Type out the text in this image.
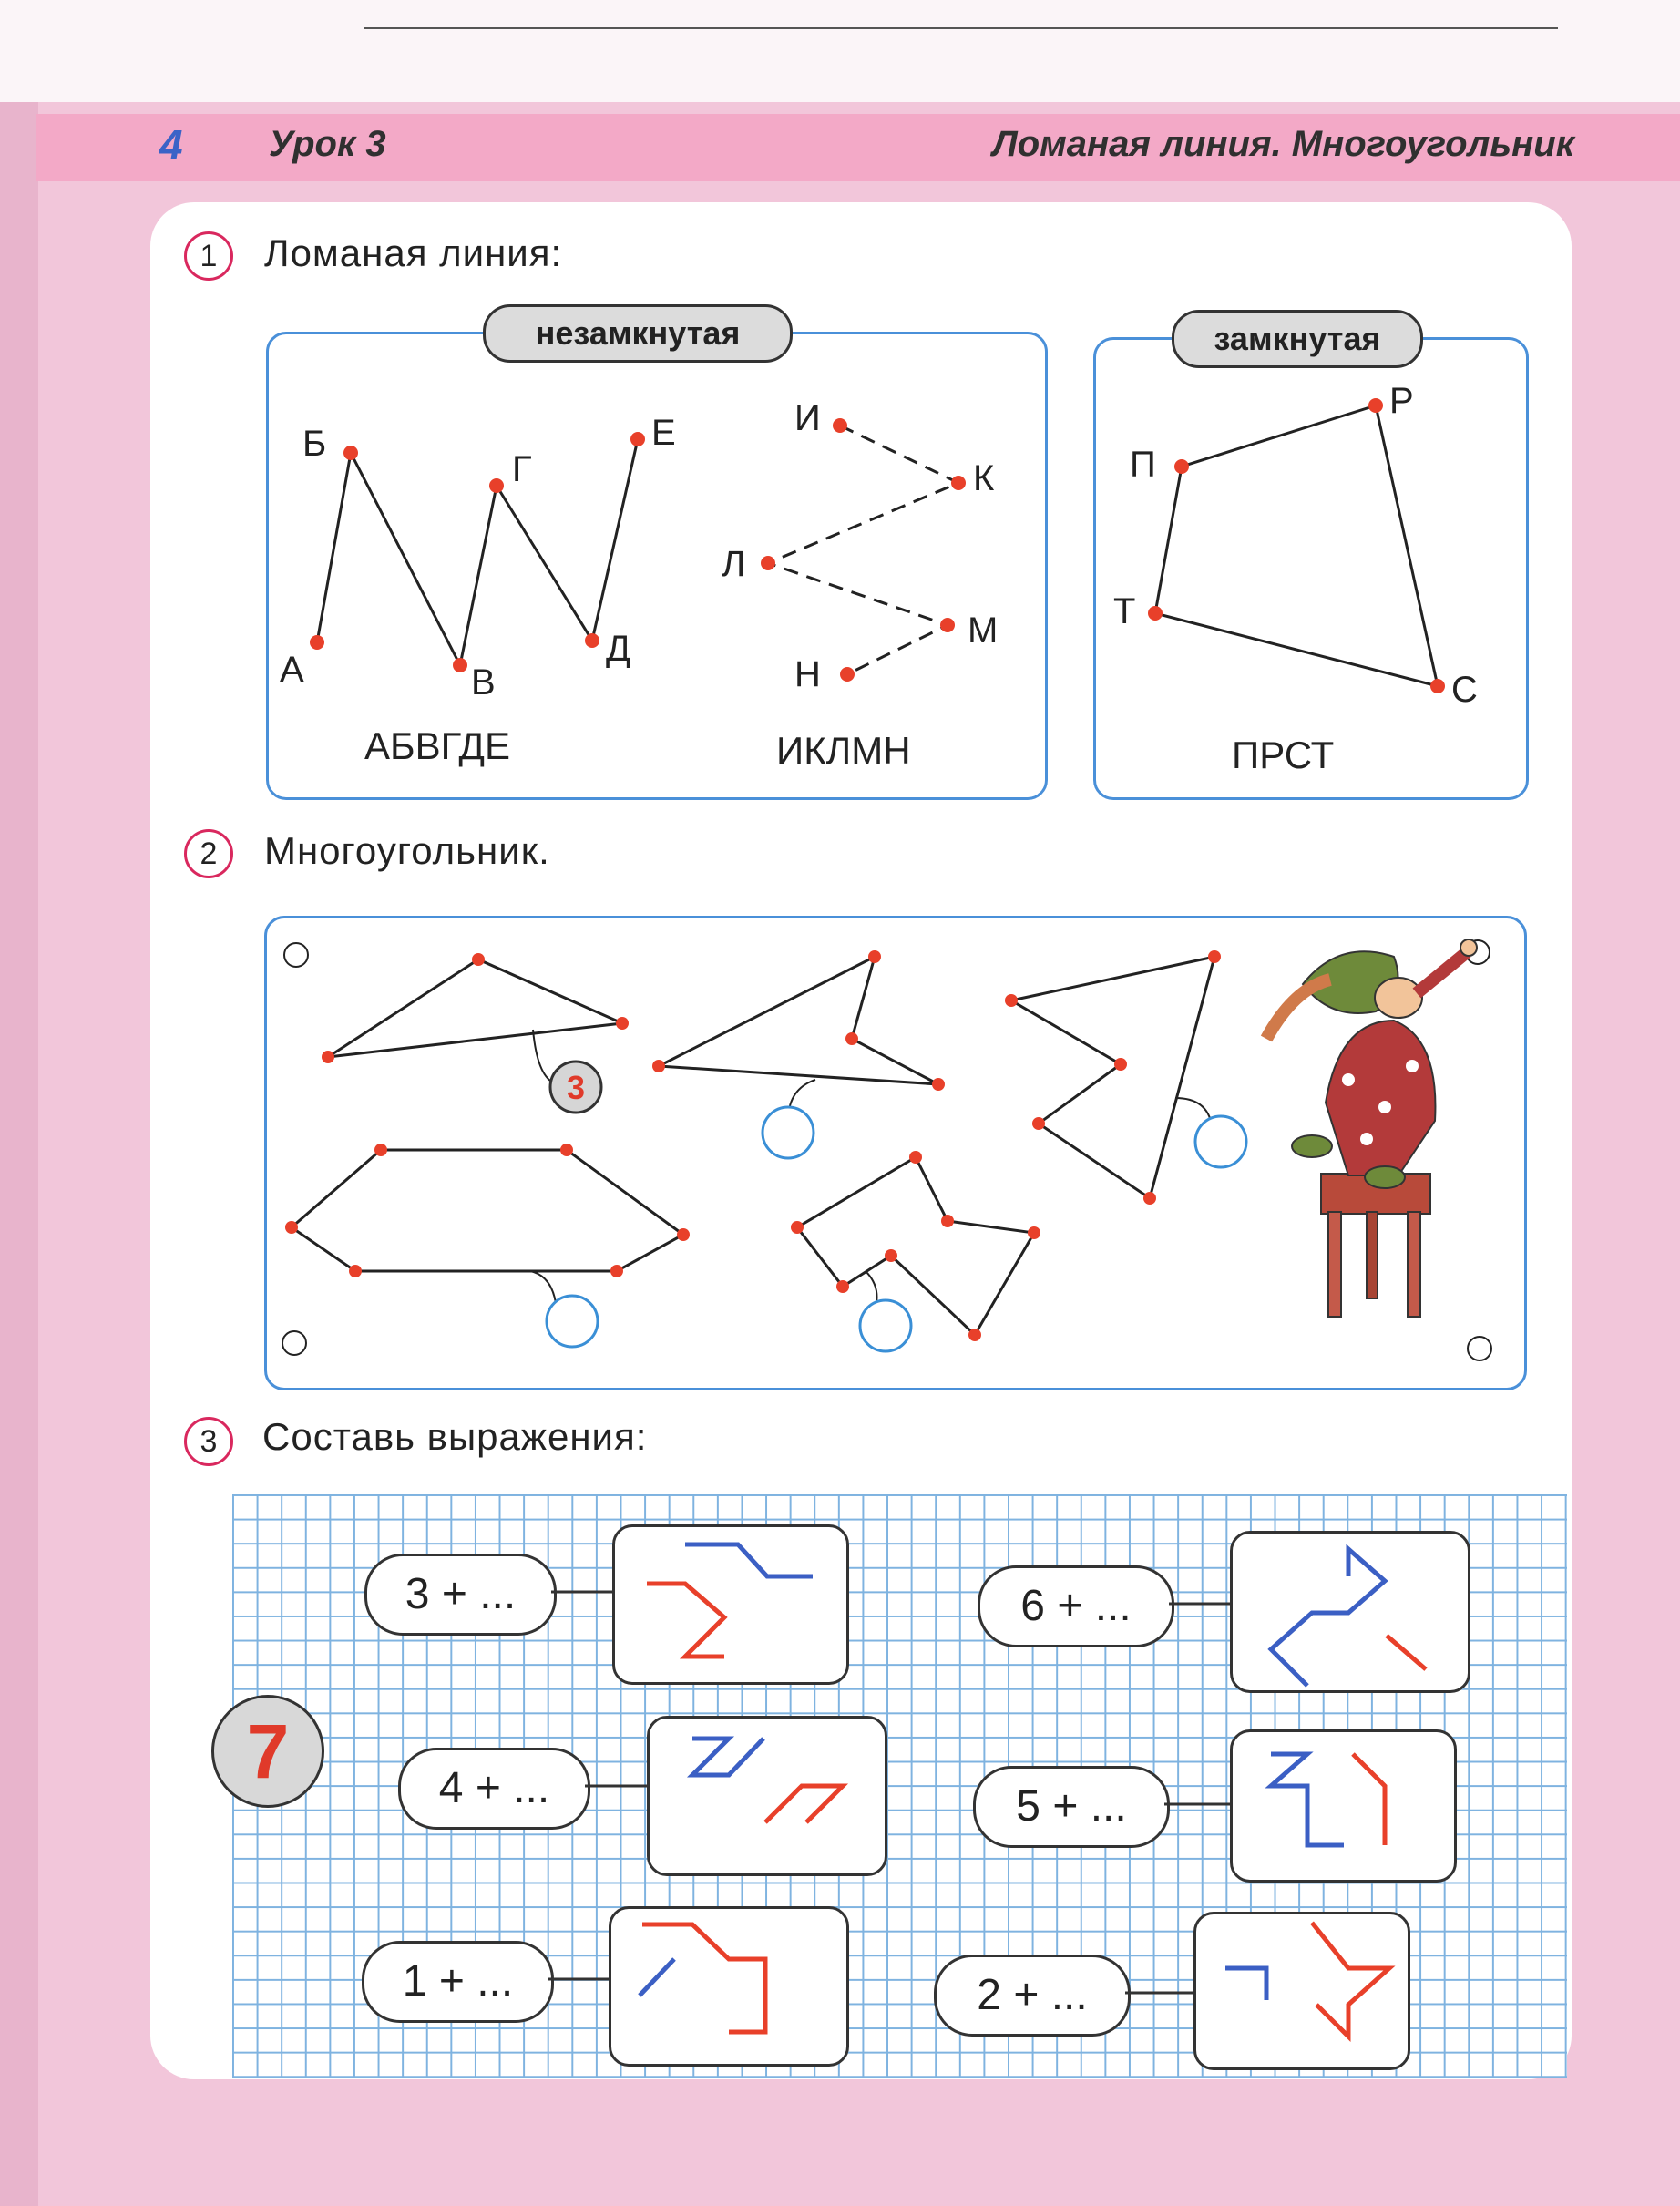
4 Урок 3	Ломаная линия. Многоугольник
1	Ломаная линия:
незамкнутая	замкнутая
А
Б
В
Г
Д
Е
АБВГДЕ
И
К
Л
М
Н
ИКЛМН
П
Р
С
Т
ПРСТ
2	Многоугольник.
3
3	Составь выражения:
7
3 + ...
4 + ...
1 + ...
6 + ...
5 + ...
2 + ...
